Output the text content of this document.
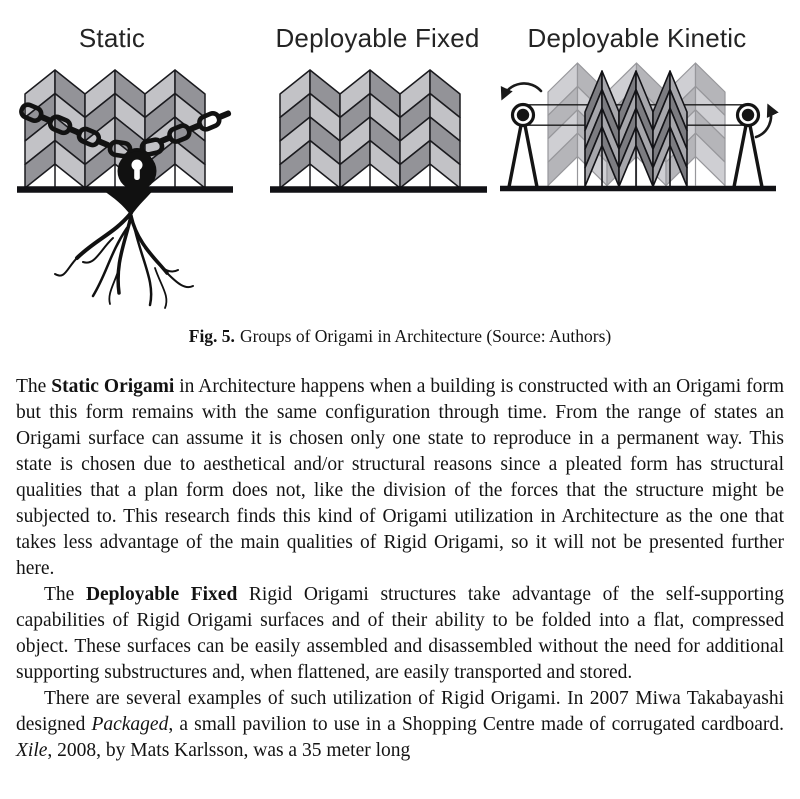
Static	Deployable Fixed	Deployable Kinetic
Fig. 5. Groups of Origami in Architecture (Source: Authors)

The Static Origami in Architecture happens when a building is constructed with an Origami form but this form remains with the same configuration through time. From the range of states an Origami surface can assume it is chosen only one state to reproduce in a permanent way. This state is chosen due to aesthetical and/or structural reasons since a pleated form has structural qualities that a plan form does not, like the division of the forces that the structure might be subjected to. This research finds this kind of Origami utilization in Architecture as the one that takes less advantage of the main qualities of Rigid Origami, so it will not be presented further here.

The Deployable Fixed Rigid Origami structures take advantage of the self-supporting capabilities of Rigid Origami surfaces and of their ability to be folded into a flat, compressed object. These surfaces can be easily assembled and disassembled without the need for additional supporting substructures and, when flattened, are easily transported and stored.

There are several examples of such utilization of Rigid Origami. In 2007 Miwa Takabayashi designed Packaged, a small pavilion to use in a Shopping Centre made of corrugated cardboard. Xile, 2008, by Mats Karlsson, was a 35 meter long
